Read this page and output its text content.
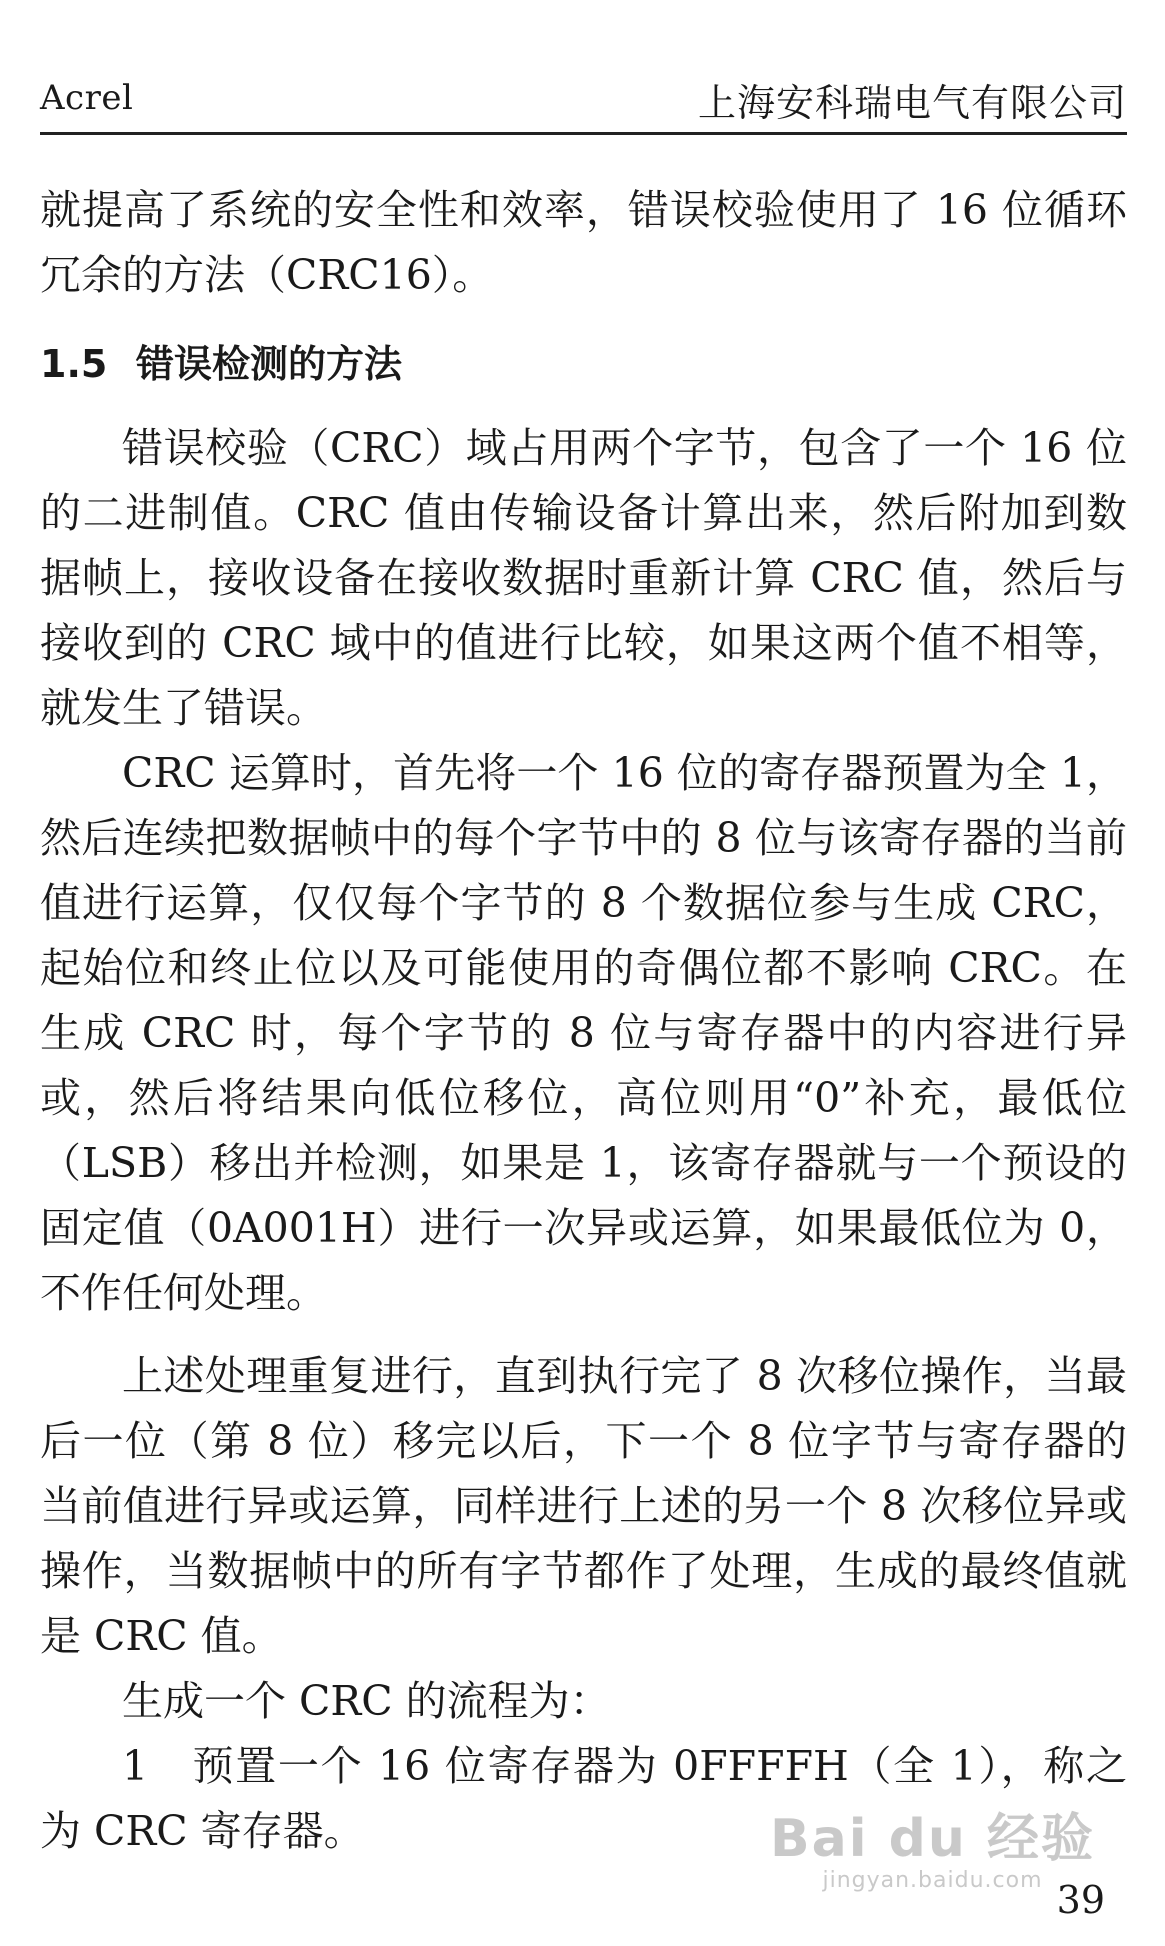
Acrel	上海安科瑞电气有限公司

就提高了系统的安全性和效率，错误校验使用了 16 位循环冗余的方法（CRC16）。

1.5 错误检测的方法

错误校验（CRC）域占用两个字节，包含了一个 16 位的二进制值。CRC 值由传输设备计算出来，然后附加到数据帧上，接收设备在接收数据时重新计算 CRC 值，然后与接收到的 CRC 域中的值进行比较，如果这两个值不相等，就发生了错误。

CRC 运算时，首先将一个 16 位的寄存器预置为全 1，然后连续把数据帧中的每个字节中的 8 位与该寄存器的当前值进行运算，仅仅每个字节的 8 个数据位参与生成 CRC，起始位和终止位以及可能使用的奇偶位都不影响 CRC。在生成 CRC 时，每个字节的 8 位与寄存器中的内容进行异或，然后将结果向低位移位，高位则用“0”补充，最低位（LSB）移出并检测，如果是 1，该寄存器就与一个预设的固定值（0A001H）进行一次异或运算，如果最低位为 0，不作任何处理。

上述处理重复进行，直到执行完了 8 次移位操作，当最后一位（第 8 位）移完以后，下一个 8 位字节与寄存器的当前值进行异或运算，同样进行上述的另一个 8 次移位异或操作，当数据帧中的所有字节都作了处理，生成的最终值就是 CRC 值。

生成一个 CRC 的流程为：

1　预置一个 16 位寄存器为 0FFFFH（全 1），称之为 CRC 寄存器。	Bai du 经验
jingyan.baidu.com 39
